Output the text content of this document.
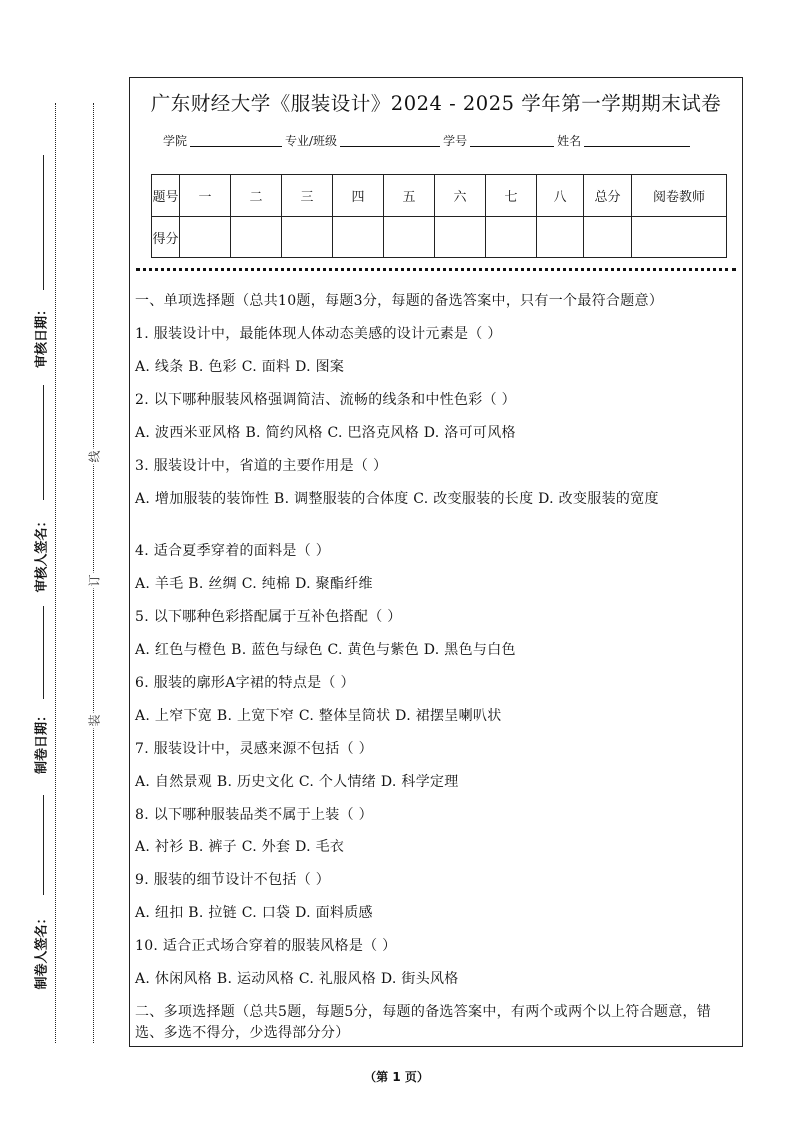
审核日期：
审核人签名：
制卷日期：
制卷人签名：
线
订
装
广东财经大学《服装设计》2024 - 2025 学年第一学期期末试卷
学院	专业/班级	学号	姓名
题号	一	二	三	四	五	六	七	八	总分	阅卷教师
得分										
一、单项选择题（总共10题，每题3分，每题的备选答案中，只有一个最符合题意）
1. 服装设计中，最能体现人体动态美感的设计元素是（ ）
A. 线条 B. 色彩 C. 面料 D. 图案
2. 以下哪种服装风格强调简洁、流畅的线条和中性色彩（ ）
A. 波西米亚风格 B. 简约风格 C. 巴洛克风格 D. 洛可可风格
3. 服装设计中，省道的主要作用是（ ）
A. 增加服装的装饰性 B. 调整服装的合体度 C. 改变服装的长度 D. 改变服装的宽度
4. 适合夏季穿着的面料是（ ）
A. 羊毛 B. 丝绸 C. 纯棉 D. 聚酯纤维
5. 以下哪种色彩搭配属于互补色搭配（ ）
A. 红色与橙色 B. 蓝色与绿色 C. 黄色与紫色 D. 黑色与白色
6. 服装的廓形A字裙的特点是（ ）
A. 上窄下宽 B. 上宽下窄 C. 整体呈筒状 D. 裙摆呈喇叭状
7. 服装设计中，灵感来源不包括（ ）
A. 自然景观 B. 历史文化 C. 个人情绪 D. 科学定理
8. 以下哪种服装品类不属于上装（ ）
A. 衬衫 B. 裤子 C. 外套 D. 毛衣
9. 服装的细节设计不包括（ ）
A. 纽扣 B. 拉链 C. 口袋 D. 面料质感
10. 适合正式场合穿着的服装风格是（ ）
A. 休闲风格 B. 运动风格 C. 礼服风格 D. 街头风格
二、多项选择题（总共5题，每题5分，每题的备选答案中，有两个或两个以上符合题意，错选、多选不得分，少选得部分分）
（第 1 页）
